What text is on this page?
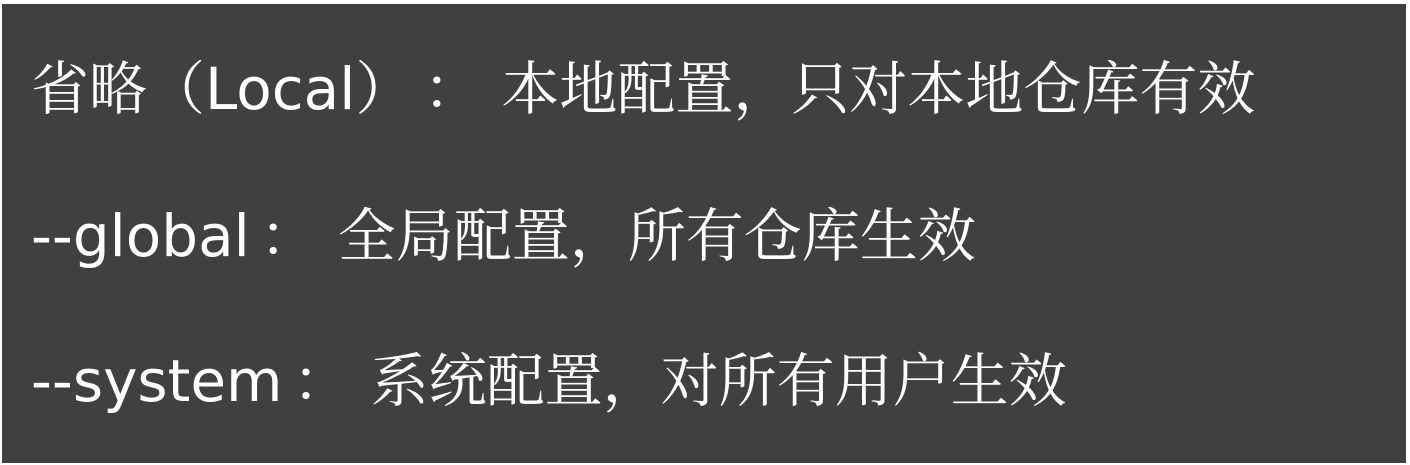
省略（Local） ： 本地配置，只对本地仓库有效
--global ： 全局配置，所有仓库生效
--system ： 系统配置，对所有用户生效
